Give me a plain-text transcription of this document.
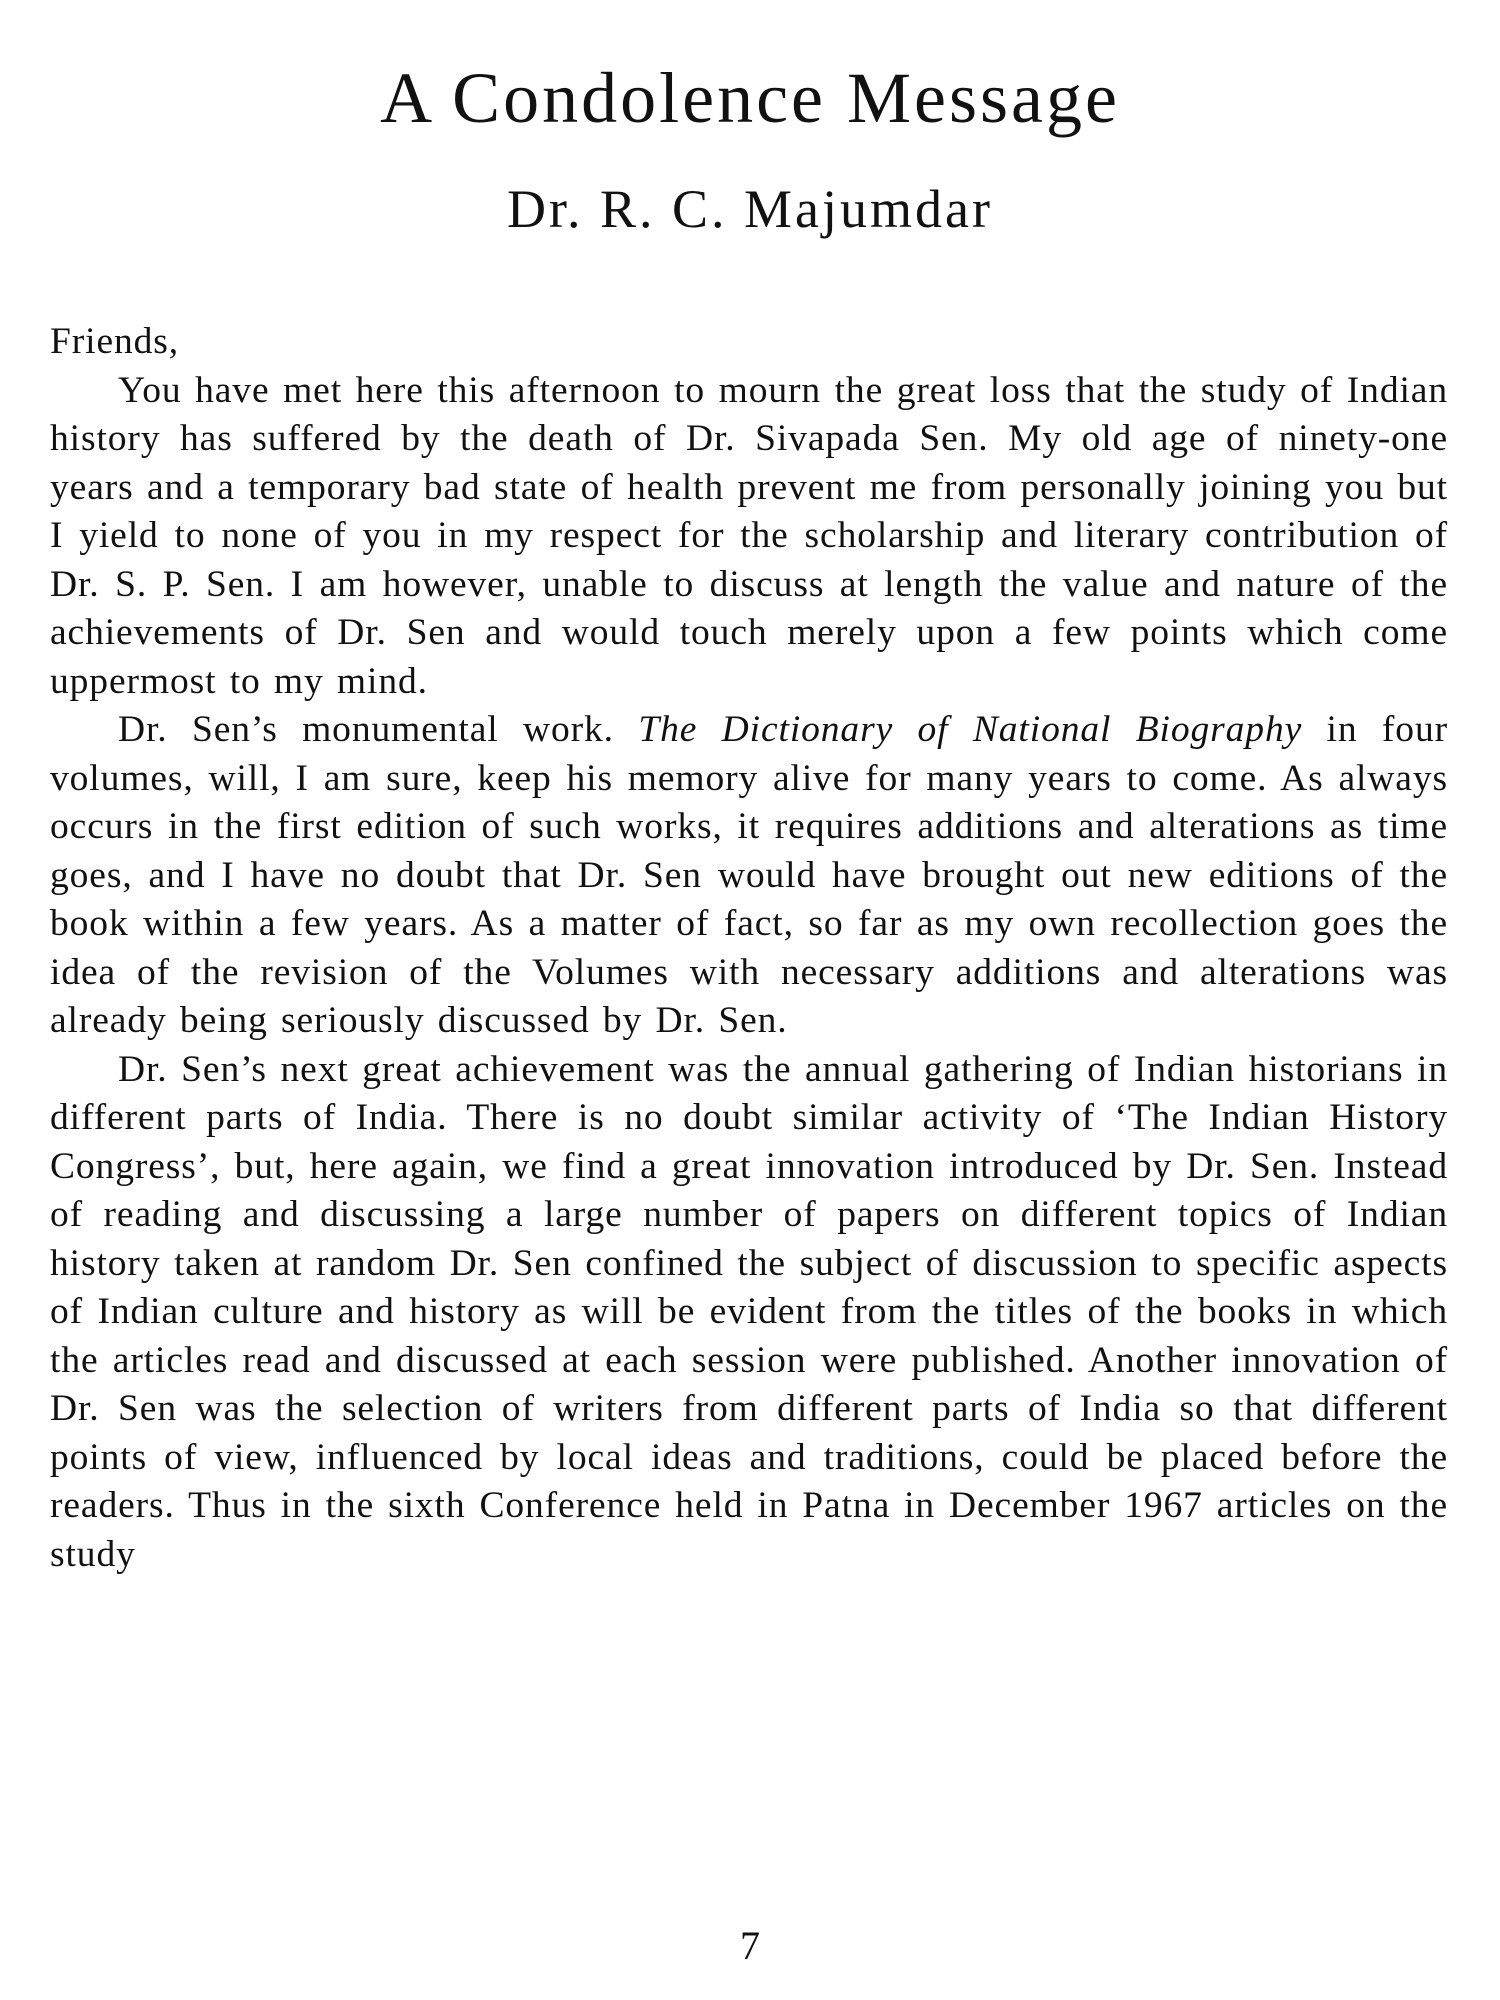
A Condolence Message
Dr. R. C. Majumdar

Friends,

You have met here this afternoon to mourn the great loss that the study of Indian history has suffered by the death of Dr. Sivapada Sen. My old age of ninety-one years and a temporary bad state of health prevent me from personally joining you but I yield to none of you in my respect for the scholarship and literary contribution of Dr. S. P. Sen. I am however, unable to discuss at length the value and nature of the achievements of Dr. Sen and would touch merely upon a few points which come uppermost to my mind.

Dr. Sen’s monumental work. The Dictionary of National Biography in four volumes, will, I am sure, keep his memory alive for many years to come. As always occurs in the first edition of such works, it requires additions and alterations as time goes, and I have no doubt that Dr. Sen would have brought out new editions of the book within a few years. As a matter of fact, so far as my own recollection goes the idea of the revision of the Volumes with necessary additions and alterations was already being seriously discussed by Dr. Sen.

Dr. Sen’s next great achievement was the annual gathering of Indian historians in different parts of India. There is no doubt similar activity of ‘The Indian History Congress’, but, here again, we find a great innovation introduced by Dr. Sen. Instead of reading and discussing a large number of papers on different topics of Indian history taken at random Dr. Sen confined the subject of discussion to specific aspects of Indian culture and history as will be evident from the titles of the books in which the articles read and discussed at each session were published. Another innovation of Dr. Sen was the selection of writers from different parts of India so that different points of view, influenced by local ideas and traditions, could be placed before the readers. Thus in the sixth Conference held in Patna in December 1967 articles on the study

7
